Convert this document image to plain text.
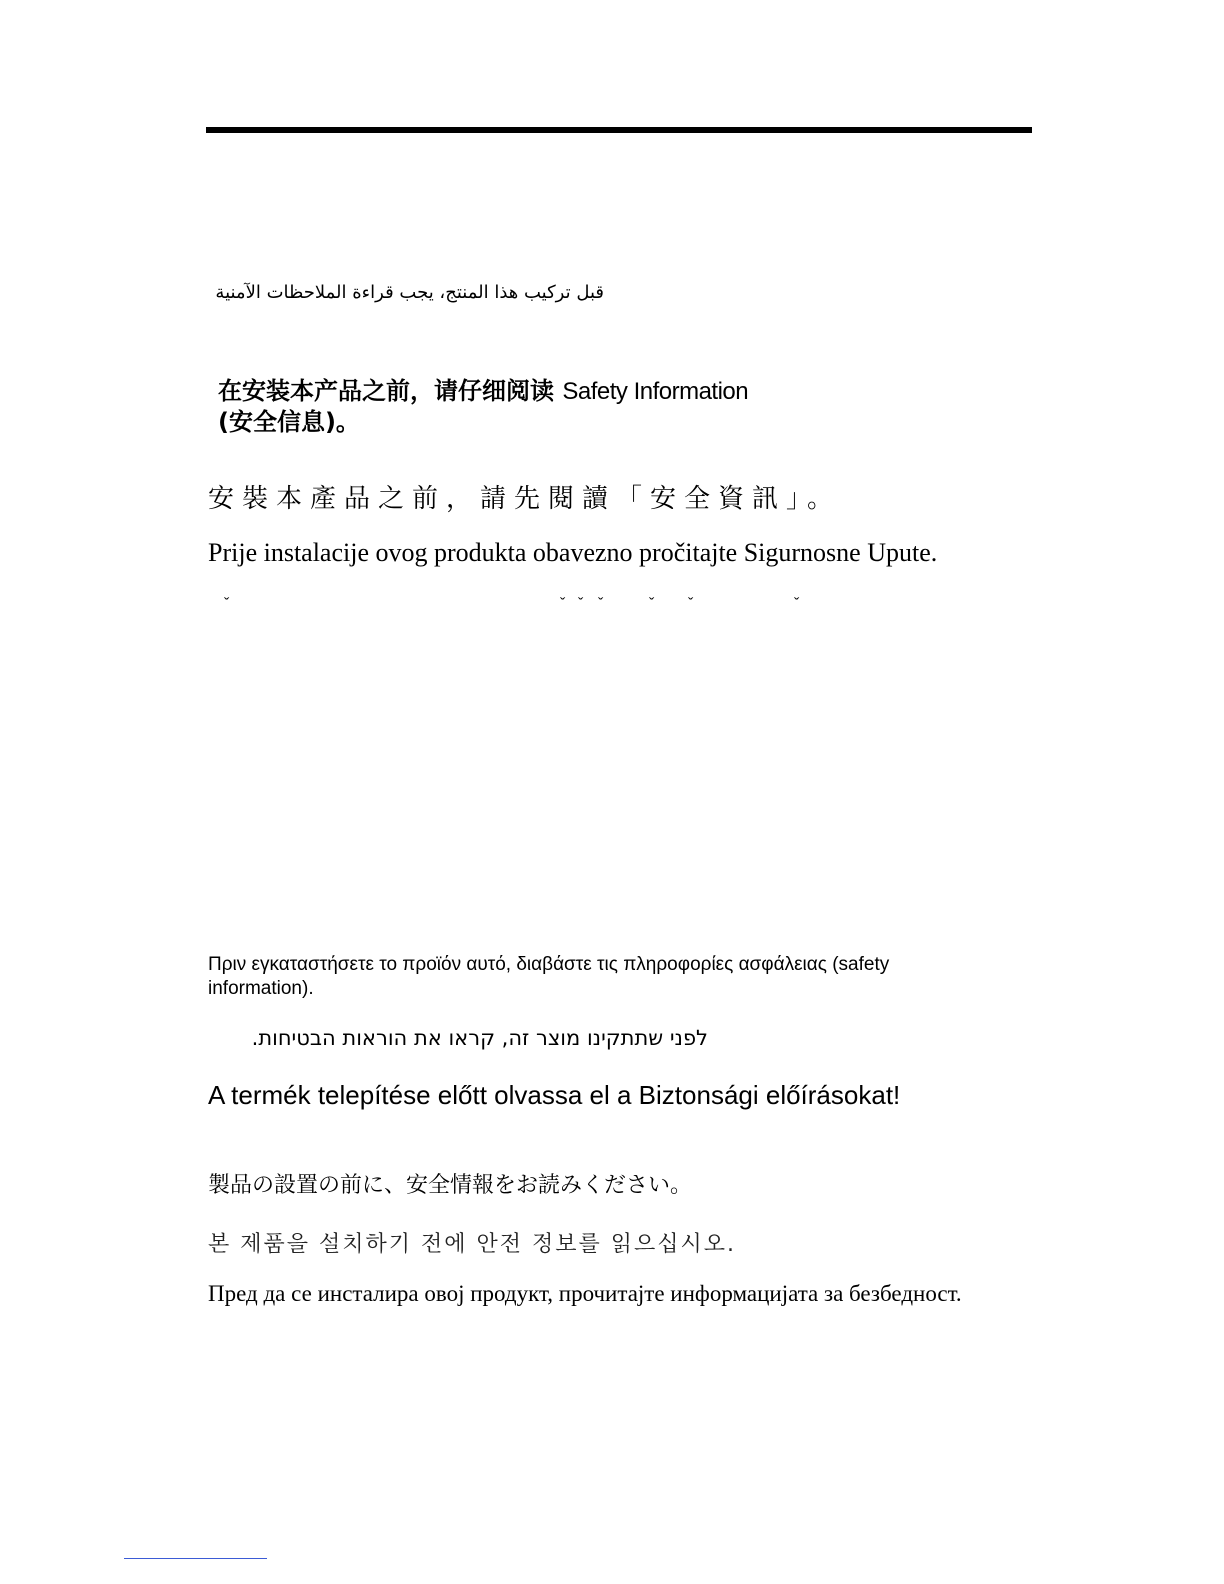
قبل تركيب هذا المنتج، يجب قراءة الملاحظات الآمنية

在安装本产品之前，请仔细阅读 Safety Information
(安全信息)。

安裝本產品之前，請先閱讀「安全資訊」。

Prije instalacije ovog produkta obavezno pročitajte Sigurnosne Upute.

ˇ	ˇ ˇ ˇ	ˇ ˇ	ˇ

Πριν εγκαταστήσετε το προϊόν αυτό, διαβάστε τις πληροφορίες ασφάλειας (safety information).

לפני שתתקינו מוצר זה, קראו את הוראות הבטיחות.

A termék telepítése előtt olvassa el a Biztonsági előírásokat!

製品の設置の前に、安全情報をお読みください。

본 제품을 설치하기 전에 안전 정보를 읽으십시오.

Пред да се инсталира овој продукт, прочитајте информацијата за безбедност.
